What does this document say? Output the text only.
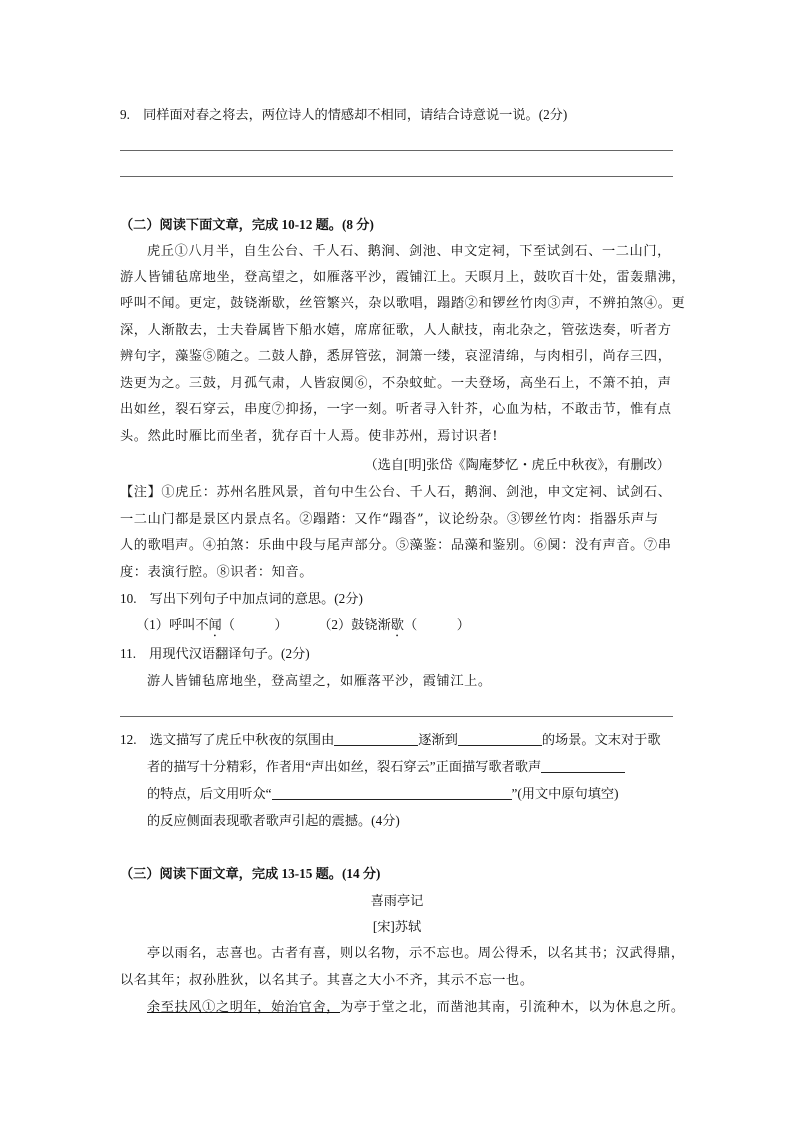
9.　同样面对春之将去，两位诗人的情感却不相同，请结合诗意说一说。(2分)
（二）阅读下面文章，完成 10-12 题。(8 分)
虎丘①八月半，自生公台、千人石、鹅涧、剑池、申文定祠，下至试剑石、一二山门，
游人皆铺毡席地坐，登高望之，如雁落平沙，霞铺江上。天暝月上，鼓吹百十处，雷轰鼎沸，
呼叫不闻。更定，鼓铙渐歇，丝管繁兴，杂以歌唱，蹋踏②和锣丝竹肉③声，不辨拍煞④。更
深，人渐散去，士夫眷属皆下船水嬉，席席征歌，人人献技，南北杂之，管弦迭奏，听者方
辨句字，藻鉴⑤随之。二鼓人静，悉屏管弦，洞箫一缕，哀涩清绵，与肉相引，尚存三四，
迭更为之。三鼓，月孤气肃，人皆寂阒⑥，不杂蚊虻。一夫登场，高坐石上，不箫不拍，声
出如丝，裂石穿云，串度⑦抑扬，一字一刻。听者寻入针芥，心血为枯，不敢击节，惟有点
头。然此时雁比而坐者，犹存百十人焉。使非苏州，焉讨识者!
（选自[明]张岱《陶庵梦忆・虎丘中秋夜》，有删改）
【注】①虎丘：苏州名胜风景，首句中生公台、千人石，鹅涧、剑池，申文定祠、试剑石、
一二山门都是景区内景点名。②蹋踏：又作“蹋沓”，议论纷杂。③锣丝竹肉：指器乐声与
人的歌唱声。④拍煞：乐曲中段与尾声部分。⑤藻鉴：品藻和鉴别。⑥阒：没有声音。⑦串
度：表演行腔。⑧识者：知音。
10.　写出下列句子中加点词的意思。(2分)
（1）呼叫不闻（　　　） （2）鼓铙渐歇（　　　）
11.　用现代汉语翻译句子。(2分)
游人皆铺毡席地坐，登高望之，如雁落平沙，霞铺江上。
12.　选文描写了虎丘中秋夜的氛围由	逐渐到	的场景。文末对于歌
者的描写十分精彩，作者用“声出如丝，裂石穿云”正面描写歌者歌声
的特点，后文用听众“	”(用文中原句填空)
的反应侧面表现歌者歌声引起的震撼。(4分)
（三）阅读下面文章，完成 13-15 题。(14 分)
喜雨亭记
[宋]苏轼
亭以雨名，志喜也。古者有喜，则以名物，示不忘也。周公得禾，以名其书；汉武得鼎，
以名其年；叔孙胜狄，以名其子。其喜之大小不齐，其示不忘一也。
余至扶风①之明年，始治官舍，为亭于堂之北，而凿池其南，引流种木，以为休息之所。
